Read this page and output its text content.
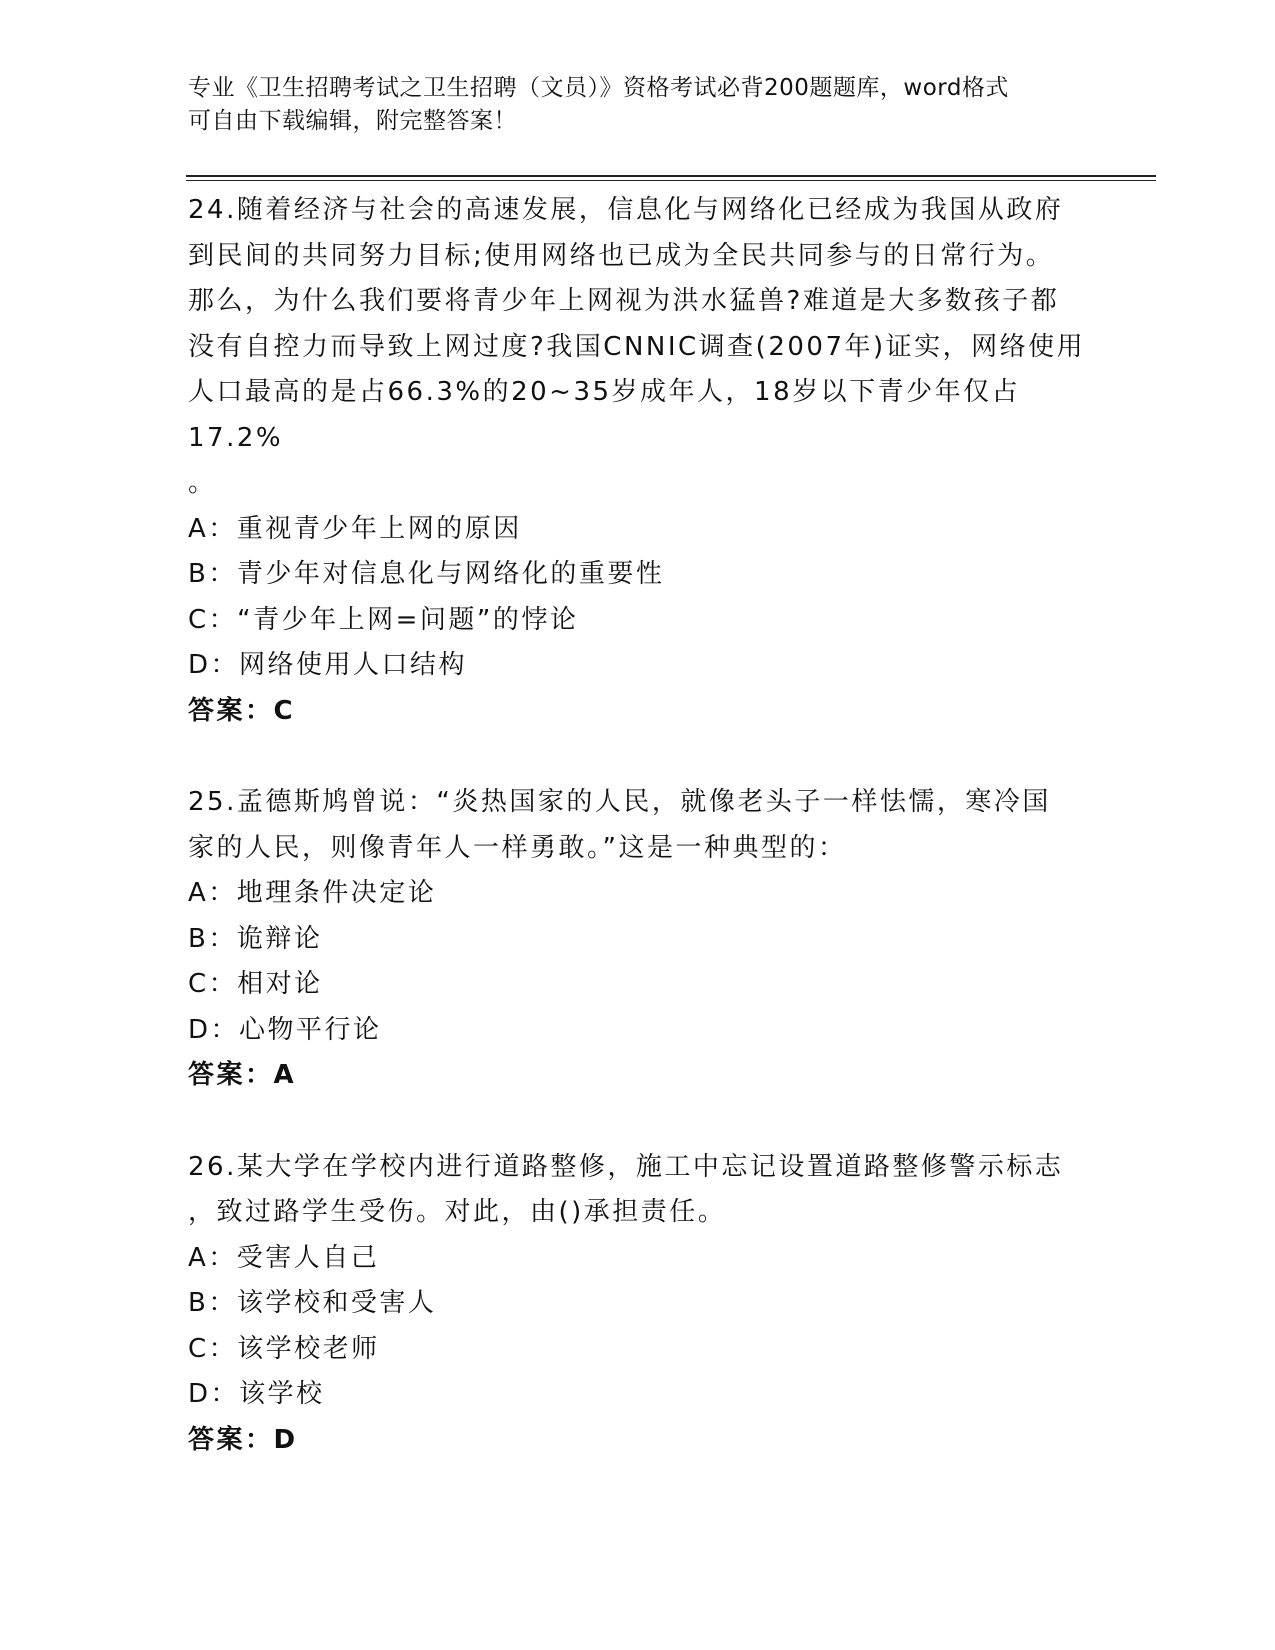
专业《卫生招聘考试之卫生招聘（文员）》资格考试必背200题题库，word格式
可自由下载编辑，附完整答案！
24.随着经济与社会的高速发展，信息化与网络化已经成为我国从政府
到民间的共同努力目标;使用网络也已成为全民共同参与的日常行为。
那么，为什么我们要将青少年上网视为洪水猛兽?难道是大多数孩子都
没有自控力而导致上网过度?我国CNNIC调查(2007年)证实，网络使用
人口最高的是占66.3%的20~35岁成年人，18岁以下青少年仅占17.2%
。
A：重视青少年上网的原因
B：青少年对信息化与网络化的重要性
C：“青少年上网=问题”的悖论
D：网络使用人口结构
答案：C
25.孟德斯鸠曾说：“炎热国家的人民，就像老头子一样怯懦，寒冷国
家的人民，则像青年人一样勇敢。”这是一种典型的：
A：地理条件决定论
B：诡辩论
C：相对论
D：心物平行论
答案：A
26.某大学在学校内进行道路整修，施工中忘记设置道路整修警示标志
，致过路学生受伤。对此，由()承担责任。
A：受害人自己
B：该学校和受害人
C：该学校老师
D：该学校
答案：D
